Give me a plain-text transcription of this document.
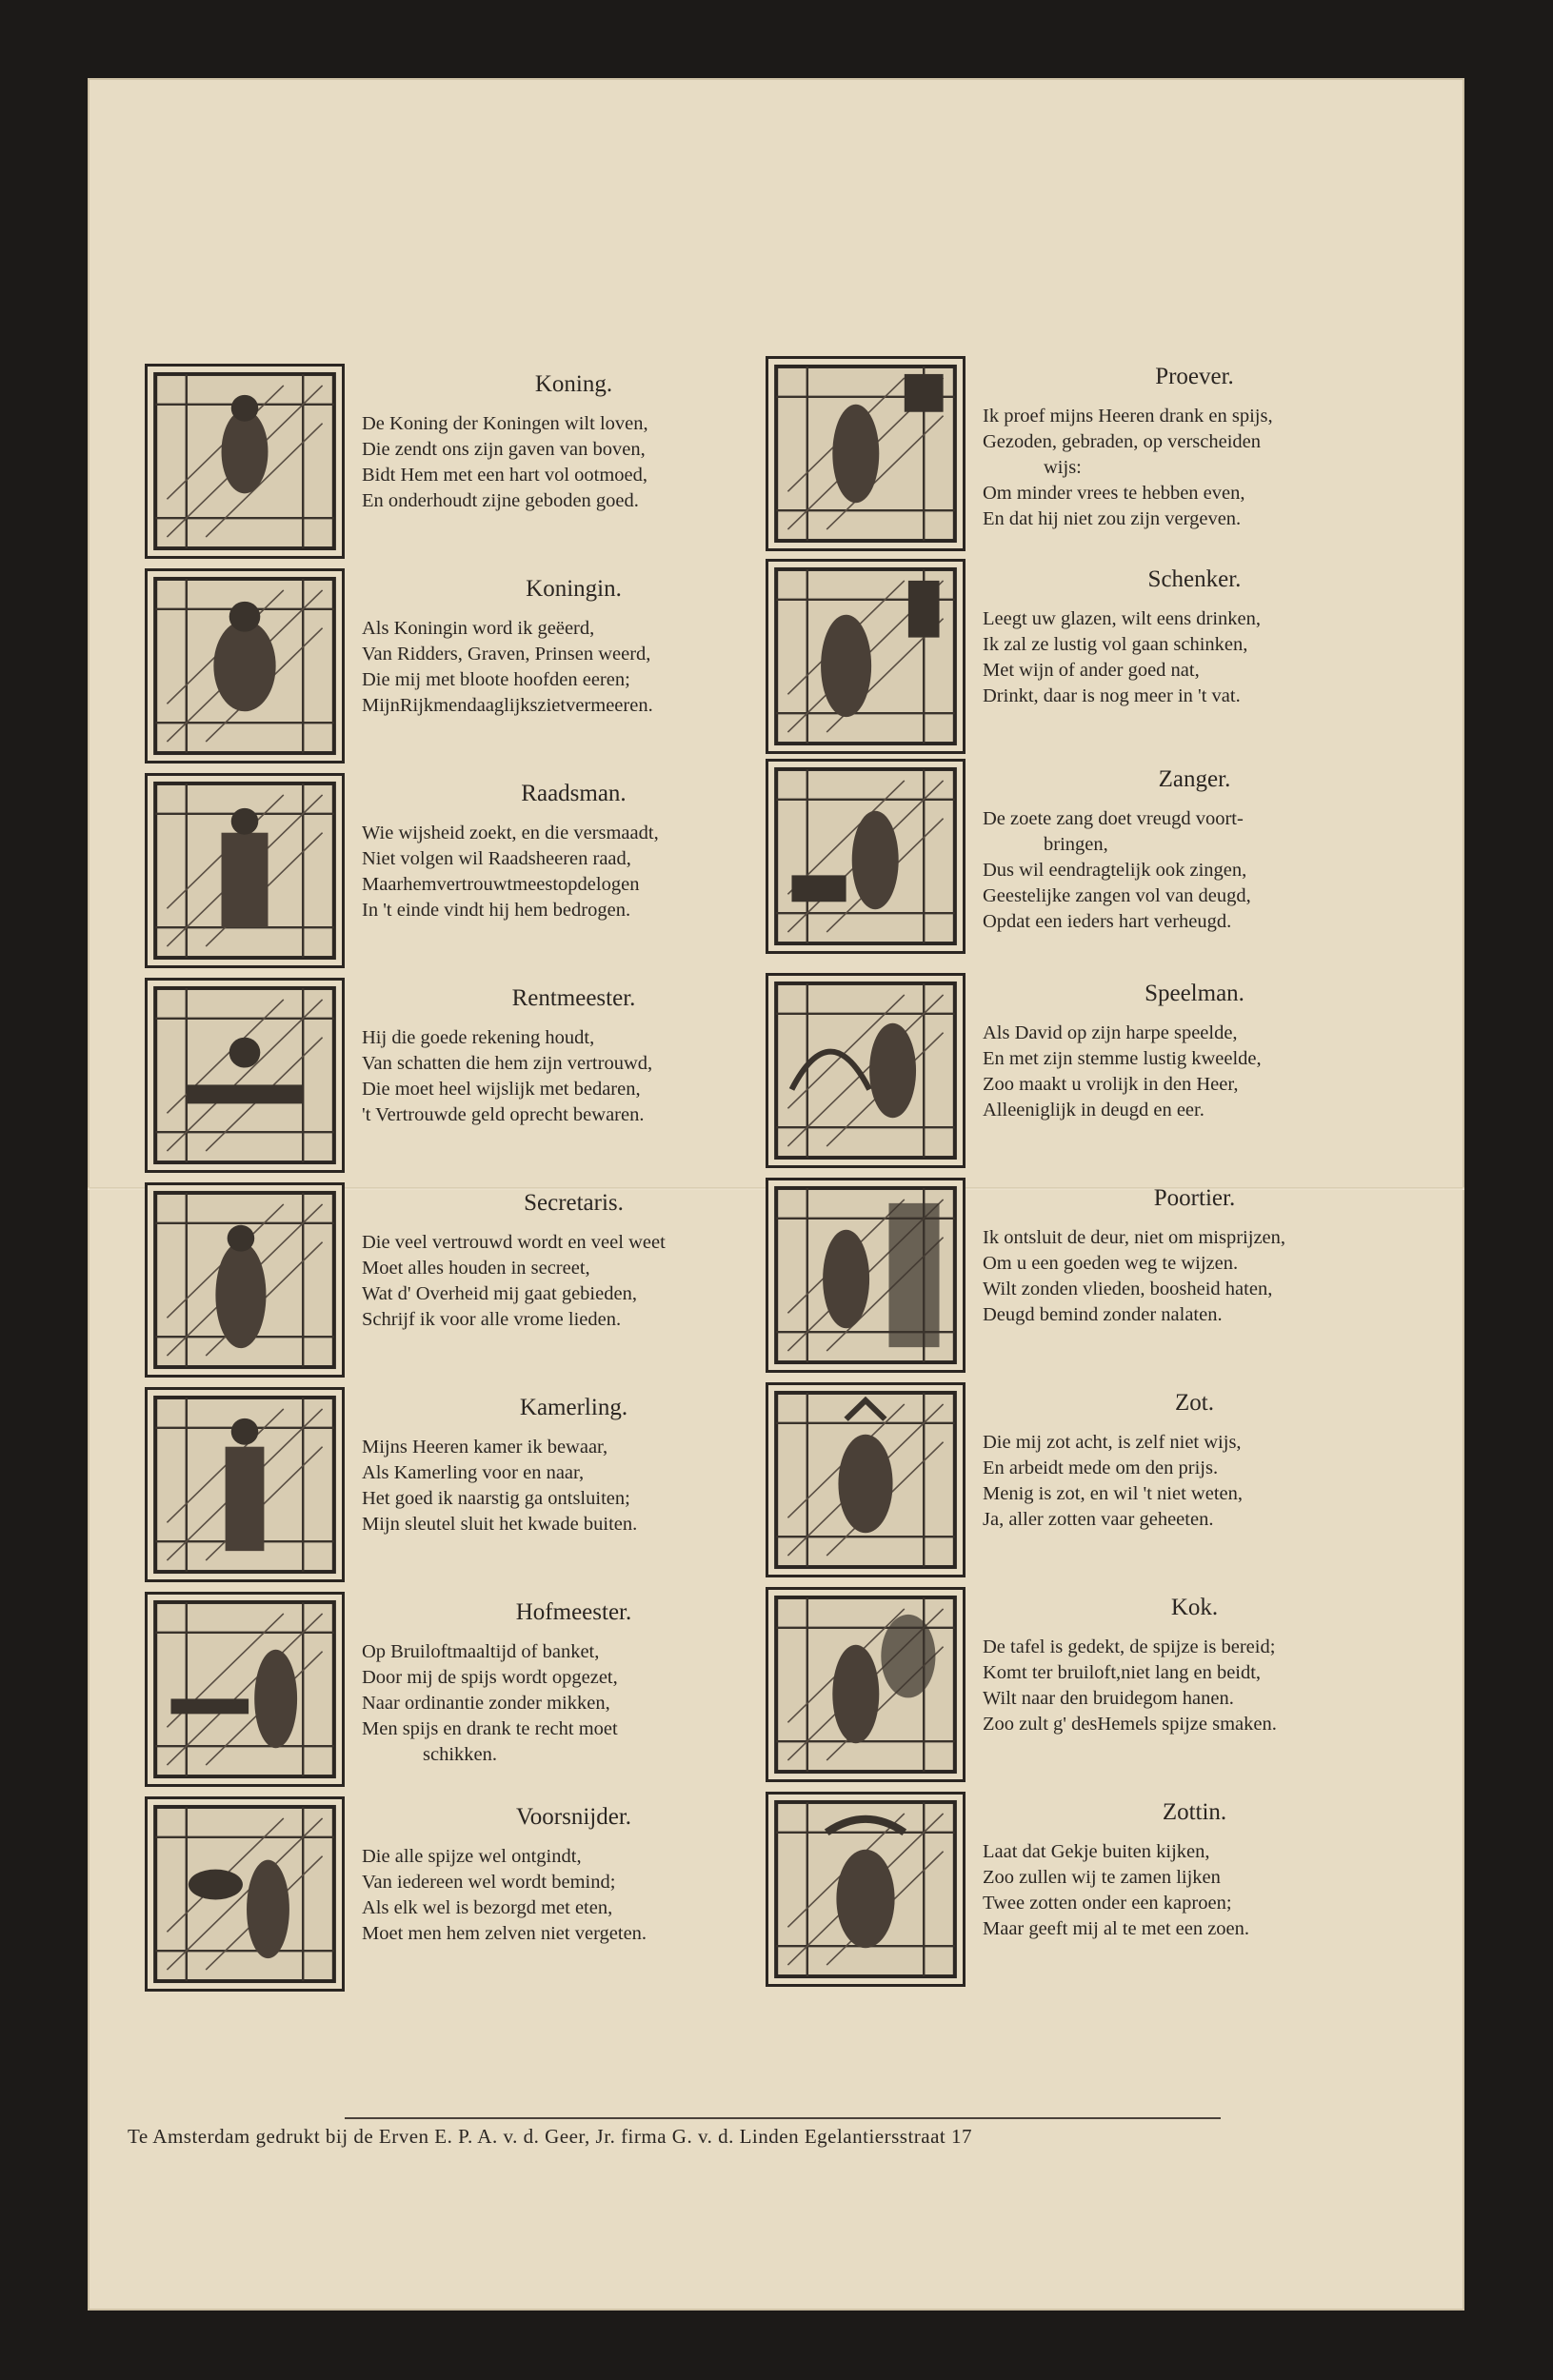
Koning.
De Koning der Koningen wilt loven,
Die zendt ons zijn gaven van boven,
Bidt Hem met een hart vol ootmoed,
En onderhoudt zijne geboden goed.
Koningin.
Als Koningin word ik geëerd,
Van Ridders, Graven, Prinsen weerd,
Die mij met bloote hoofden eeren;
MijnRijkmendaaglijkszietvermeeren.
Raadsman.
Wie wijsheid zoekt, en die versmaadt,
Niet volgen wil Raadsheeren raad,
Maarhemvertrouwtmeestopdelogen
In 't einde vindt hij hem bedrogen.
Rentmeester.
Hij die goede rekening houdt,
Van schatten die hem zijn vertrouwd,
Die moet heel wijslijk met bedaren,
't Vertrouwde geld oprecht bewaren.
Secretaris.
Die veel vertrouwd wordt en veel weet
Moet alles houden in secreet,
Wat d' Overheid mij gaat gebieden,
Schrijf ik voor alle vrome lieden.
Kamerling.
Mijns Heeren kamer ik bewaar,
Als Kamerling voor en naar,
Het goed ik naarstig ga ontsluiten;
Mijn sleutel sluit het kwade buiten.
Hofmeester.
Op Bruiloftmaaltijd of banket,
Door mij de spijs wordt opgezet,
Naar ordinantie zonder mikken,
Men spijs en drank te recht moet
schikken.
Voorsnijder.
Die alle spijze wel ontgindt,
Van iedereen wel wordt bemind;
Als elk wel is bezorgd met eten,
Moet men hem zelven niet vergeten.
Proever.
Ik proef mijns Heeren drank en spijs,
Gezoden, gebraden, op verscheiden
wijs:
Om minder vrees te hebben even,
En dat hij niet zou zijn vergeven.
Schenker.
Leegt uw glazen, wilt eens drinken,
Ik zal ze lustig vol gaan schinken,
Met wijn of ander goed nat,
Drinkt, daar is nog meer in 't vat.
Zanger.
De zoete zang doet vreugd voort-
bringen,
Dus wil eendragtelijk ook zingen,
Geestelijke zangen vol van deugd,
Opdat een ieders hart verheugd.
Speelman.
Als David op zijn harpe speelde,
En met zijn stemme lustig kweelde,
Zoo maakt u vrolijk in den Heer,
Alleeniglijk in deugd en eer.
Poortier.
Ik ontsluit de deur, niet om misprijzen,
Om u een goeden weg te wijzen.
Wilt zonden vlieden, boosheid haten,
Deugd bemind zonder nalaten.
Zot.
Die mij zot acht, is zelf niet wijs,
En arbeidt mede om den prijs.
Menig is zot, en wil 't niet weten,
Ja, aller zotten vaar geheeten.
Kok.
De tafel is gedekt, de spijze is bereid;
Komt ter bruiloft,niet lang en beidt,
Wilt naar den bruidegom hanen.
Zoo zult g' desHemels spijze smaken.
Zottin.
Laat dat Gekje buiten kijken,
Zoo zullen wij te zamen lijken
Twee zotten onder een kaproen;
Maar geeft mij al te met een zoen.
Te Amsterdam gedrukt bij de Erven E. P. A. v. d. Geer, Jr. firma G. v. d. Linden Egelantiersstraat 17
